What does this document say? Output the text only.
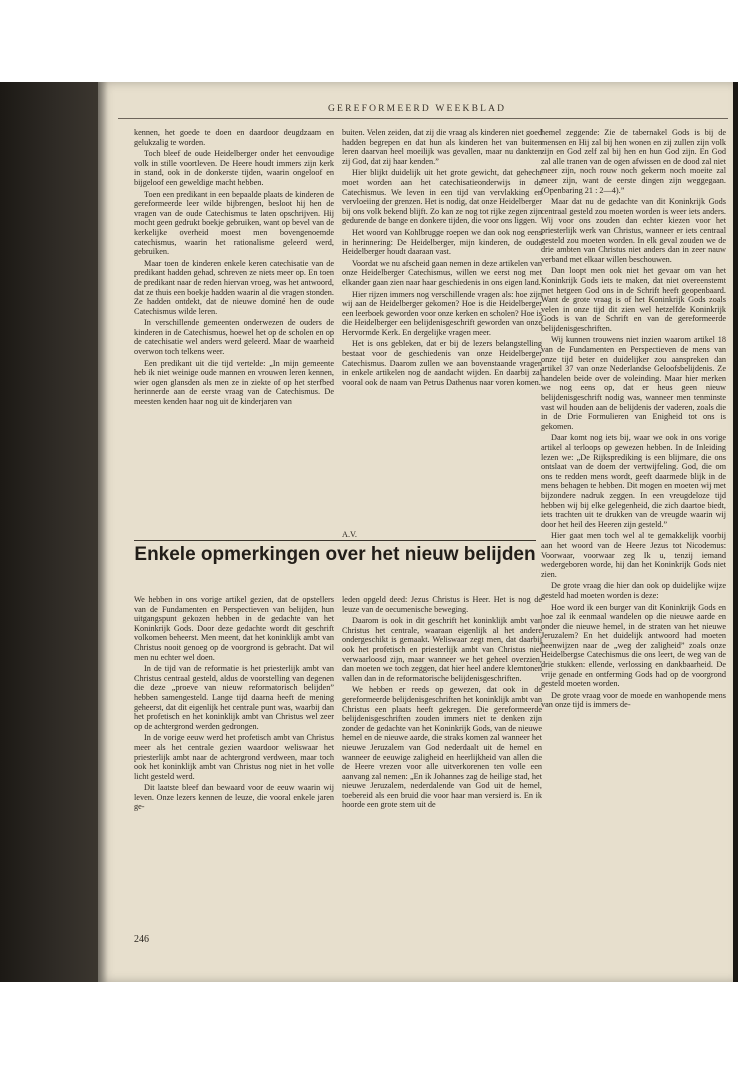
GEREFORMEERD WEEKBLAD

kennen, het goede te doen en daardoor deugdzaam en gelukzalig te worden.

Toch bleef de oude Heidelberger onder het eenvoudige volk in stille voortleven. De Heere houdt immers zijn kerk in stand, ook in de donkerste tijden, waarin ongeloof en bijgeloof een geweldige macht hebben.

Toen een predikant in een bepaalde plaats de kinderen de gereformeerde leer wilde bijbrengen, besloot hij hen de vragen van de oude Catechismus te laten opschrijven. Hij mocht geen gedrukt boekje gebruiken, want op bevel van de kerkelijke overheid moest men bovengenoemde catechismus, waarin het rationalisme geleerd werd, gebruiken.

Maar toen de kinderen enkele keren catechisatie van de predikant hadden gehad, schreven ze niets meer op. En toen de predikant naar de reden hiervan vroeg, was het antwoord, dat ze thuis een boekje hadden waarin al die vragen stonden. Ze hadden ontdekt, dat de nieuwe dominé hen de oude Catechismus wilde leren.

In verschillende gemeenten onderwezen de ouders de kinderen in de Catechismus, hoewel het op de scholen en op de catechisatie wel anders werd geleerd. Maar de waarheid overwon toch telkens weer.

Een predikant uit die tijd vertelde: „In mijn gemeente heb ik niet weinige oude mannen en vrouwen leren kennen, wier ogen glansden als men ze in ziekte of op het sterfbed herinnerde aan de eerste vraag van de Catechismus. De meesten kenden haar nog uit de kinderjaren van

buiten. Velen zeiden, dat zij die vraag als kinderen niet goed hadden begrepen en dat hun als kinderen het van buiten leren daarvan heel moeilijk was gevallen, maar nu dankten zij God, dat zij haar kenden.”

Hier blijkt duidelijk uit het grote gewicht, dat gehecht moet worden aan het catechisatieonderwijs in de Catechismus. We leven in een tijd van vervlakking en vervloeiing der grenzen. Het is nodig, dat onze Heidelberger bij ons volk bekend blijft. Zo kan ze nog tot rijke zegen zijn gedurende de bange en donkere tijden, die voor ons liggen.

Het woord van Kohlbrugge roepen we dan ook nog eens in herinnering: De Heidelberger, mijn kinderen, de oude Heidelberger houdt daaraan vast.

Voordat we nu afscheid gaan nemen in deze artikelen van onze Heidelberger Catechismus, willen we eerst nog met elkander gaan zien naar haar geschiedenis in ons eigen land.

Hier rijzen immers nog verschillende vragen als: hoe zijn wij aan de Heidelberger gekomen? Hoe is die Heidelberger een leerboek geworden voor onze kerken en scholen? Hoe is die Heidelberger een belijdenisgeschrift geworden van onze Hervormde Kerk. En dergelijke vragen meer.

Het is ons gebleken, dat er bij de lezers belangstelling bestaat voor de geschiedenis van onze Heidelberger Catechismus. Daarom zullen we aan bovenstaande vragen in enkele artikelen nog de aandacht wijden. En daarbij zal vooral ook de naam van Petrus Dathenus naar voren komen.

A.V.

hemel zeggende: Zie de tabernakel Gods is bij de mensen en Hij zal bij hen wonen en zij zullen zijn volk zijn en God zelf zal bij hen en hun God zijn. En God zal alle tranen van de ogen afwissen en de dood zal niet meer zijn, noch rouw noch gekerm noch moeite zal meer zijn, want de eerste dingen zijn weggegaan. (Openbaring 21 : 2—4).”

Maar dat nu de gedachte van dit Koninkrijk Gods centraal gesteld zou moeten worden is weer iets anders. Wij voor ons zouden dan echter kiezen voor het priesterlijk werk van Christus, wanneer er iets centraal gesteld zou moeten worden. In elk geval zouden we de drie ambten van Christus niet anders dan in zeer nauw verband met elkaar willen beschouwen.

Dan loopt men ook niet het gevaar om van het Koninkrijk Gods iets te maken, dat niet overeenstemt met hetgeen God ons in de Schrift heeft geopenbaard. Want de grote vraag is of het Koninkrijk Gods zoals velen in onze tijd dit zien wel hetzelfde Koninkrijk Gods is van de Schrift en van de gereformeerde belijdenisgeschriften.

Wij kunnen trouwens niet inzien waarom artikel 18 van de Fundamenten en Perspectieven de mens van onze tijd beter en duidelijker zou aanspreken dan artikel 37 van onze Nederlandse Geloofsbelijdenis. Ze handelen beide over de voleinding. Maar hier merken we nog eens op, dat er heus geen nieuw belijdenisgeschrift nodig was, wanneer men tenminste vast wil houden aan de belijdenis der vaderen, zoals die in de Drie Formulieren van Enigheid tot ons is gekomen.

Daar komt nog iets bij, waar we ook in ons vorige artikel al terloops op gewezen hebben. In de Inleiding lezen we: „De Rijksprediking is een blijmare, die ons ontslaat van de doem der vertwijfeling. God, die om ons te redden mens wordt, geeft daarmede blijk in de mens behagen te hebben. Dit mogen en moeten wij met bijzondere nadruk zeggen. In een vreugdeloze tijd hebben wij bij elke gelegenheid, die zich daartoe biedt, iets trachten uit te drukken van de vreugde waarin wij door het heil des Heeren zijn gesteld.”

Hier gaat men toch wel al te gemakkelijk voorbij aan het woord van de Heere Jezus tot Nicodemus: Voorwaar, voorwaar zeg Ik u, tenzij iemand wedergeboren worde, hij dan het Koninkrijk Gods niet zien.

De grote vraag die hier dan ook op duidelijke wijze gesteld had moeten worden is deze:

Hoe word ik een burger van dit Koninkrijk Gods en hoe zal ik eenmaal wandelen op die nieuwe aarde en onder die nieuwe hemel, in de straten van het nieuwe Jeruzalem? En het duidelijk antwoord had moeten heenwijzen naar de „weg der zaligheid” zoals onze Heidelbergse Catechismus die ons leert, de weg van de drie stukken: ellende, verlossing en dankbaarheid. De vrije genade en ontferming Gods had op de voorgrond gesteld moeten worden.

De grote vraag voor de moede en wanhopende mens van onze tijd is immers de-

Enkele opmerkingen over het nieuw belijden

We hebben in ons vorige artikel gezien, dat de opstellers van de Fundamenten en Perspectieven van belijden, hun uitgangspunt gekozen hebben in de gedachte van het Koninkrijk Gods. Door deze gedachte wordt dit geschrift volkomen beheerst. Men meent, dat het koninklijk ambt van Christus nooit genoeg op de voorgrond is gebracht. Dat wil men nu echter wel doen.

In de tijd van de reformatie is het priesterlijk ambt van Christus centraal gesteld, aldus de voorstelling van degenen die deze „proeve van nieuw reformatorisch belijden” hebben samengesteld. Lange tijd daarna heeft de mening geheerst, dat dit eigenlijk het centrale punt was, waarbij dan het profetisch en het koninklijk ambt van Christus wel zeer op de achtergrond werden gedrongen.

In de vorige eeuw werd het profetisch ambt van Christus meer als het centrale gezien waardoor weliswaar het priesterlijk ambt naar de achtergrond verdween, maar toch ook het koninklijk ambt van Christus nog niet in het volle licht gesteld werd.

Dit laatste bleef dan bewaard voor de eeuw waarin wij leven. Onze lezers kennen de leuze, die vooral enkele jaren ge-

leden opgeld deed: Jezus Christus is Heer. Het is nog de leuze van de oecumenische beweging.

Daarom is ook in dit geschrift het koninklijk ambt van Christus het centrale, waaraan eigenlijk al het andere ondergeschikt is gemaakt. Weliswaar zegt men, dat daarbij ook het profetisch en priesterlijk ambt van Christus niet verwaarloosd zijn, maar wanneer we het geheel overzien, dan moeten we toch zeggen, dat hier heel andere klemtonen vallen dan in de reformatorische belijdenisgeschriften.

We hebben er reeds op gewezen, dat ook in de gereformeerde belijdenisgeschriften het koninklijk ambt van Christus een plaats heeft gekregen. Die gereformeerde belijdenisgeschriften zouden immers niet te denken zijn zonder de gedachte van het Koninkrijk Gods, van de nieuwe hemel en de nieuwe aarde, die straks komen zal wanneer het nieuwe Jeruzalem van God nederdaalt uit de hemel en wanneer de eeuwige zaligheid en heerlijkheid van allen die de Heere vrezen voor alle uitverkorenen ten volle een aanvang zal nemen: „En ik Johannes zag de heilige stad, het nieuwe Jeruzalem, nederdalende van God uit de hemel, toebereid als een bruid die voor haar man versierd is. En ik hoorde een grote stem uit de

246
